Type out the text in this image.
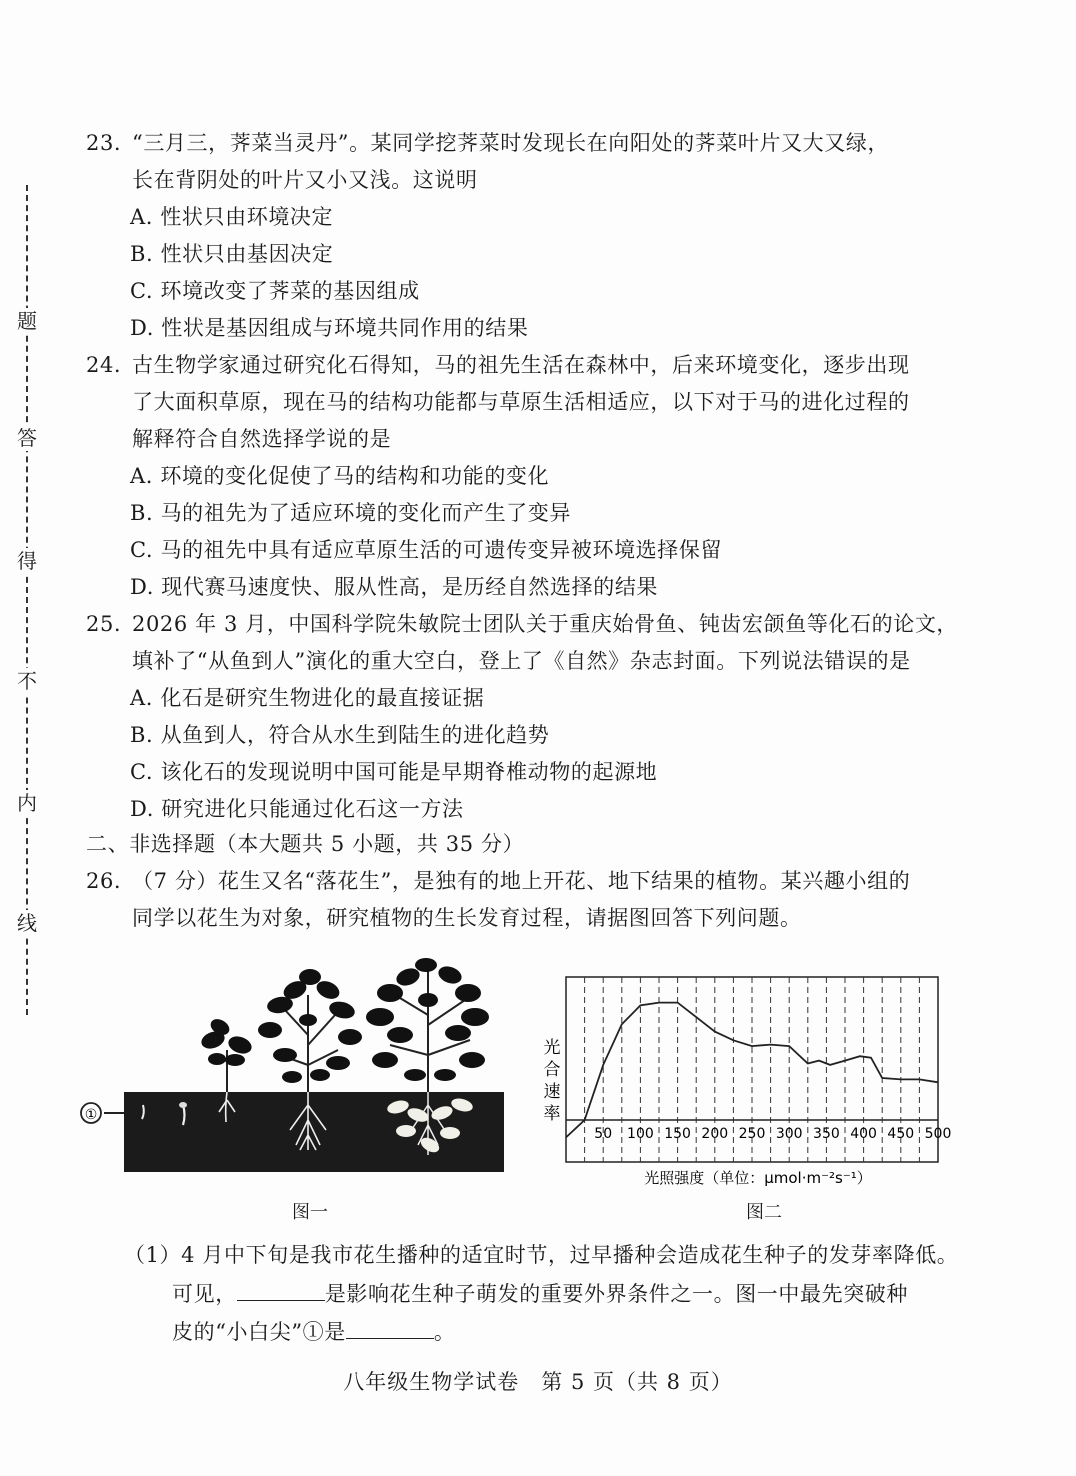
题
答
得
不
内
线
23. “三月三，荠菜当灵丹”。某同学挖荠菜时发现长在向阳处的荠菜叶片又大又绿，
长在背阴处的叶片又小又浅。这说明
A. 性状只由环境决定
B. 性状只由基因决定
C. 环境改变了荠菜的基因组成
D. 性状是基因组成与环境共同作用的结果
24. 古生物学家通过研究化石得知，马的祖先生活在森林中，后来环境变化，逐步出现
了大面积草原，现在马的结构功能都与草原生活相适应，以下对于马的进化过程的
解释符合自然选择学说的是
A. 环境的变化促使了马的结构和功能的变化
B. 马的祖先为了适应环境的变化而产生了变异
C. 马的祖先中具有适应草原生活的可遗传变异被环境选择保留
D. 现代赛马速度快、服从性高，是历经自然选择的结果
25. 2026 年 3 月，中国科学院朱敏院士团队关于重庆始骨鱼、钝齿宏颌鱼等化石的论文，
填补了“从鱼到人”演化的重大空白，登上了《自然》杂志封面。下列说法错误的是
A. 化石是研究生物进化的最直接证据
B. 从鱼到人，符合从水生到陆生的进化趋势
C. 该化石的发现说明中国可能是早期脊椎动物的起源地
D. 研究进化只能通过化石这一方法
二、非选择题（本大题共 5 小题，共 35 分）
26. （7 分）花生又名“落花生”，是独有的地上开花、地下结果的植物。某兴趣小组的
同学以花生为对象，研究植物的生长发育过程，请据图回答下列问题。
①
图一
50 100 150 200 250 300 350 400 450 500
光
合
速
率
光照强度（单位：μmol·m⁻²s⁻¹）
图二
（1）4 月中下旬是我市花生播种的适宜时节，过早播种会造成花生种子的发芽率降低。
可见，	是影响花生种子萌发的重要外界条件之一。图一中最先突破种
皮的“小白尖”①是	。
八年级生物学试卷　第 5 页（共 8 页）
